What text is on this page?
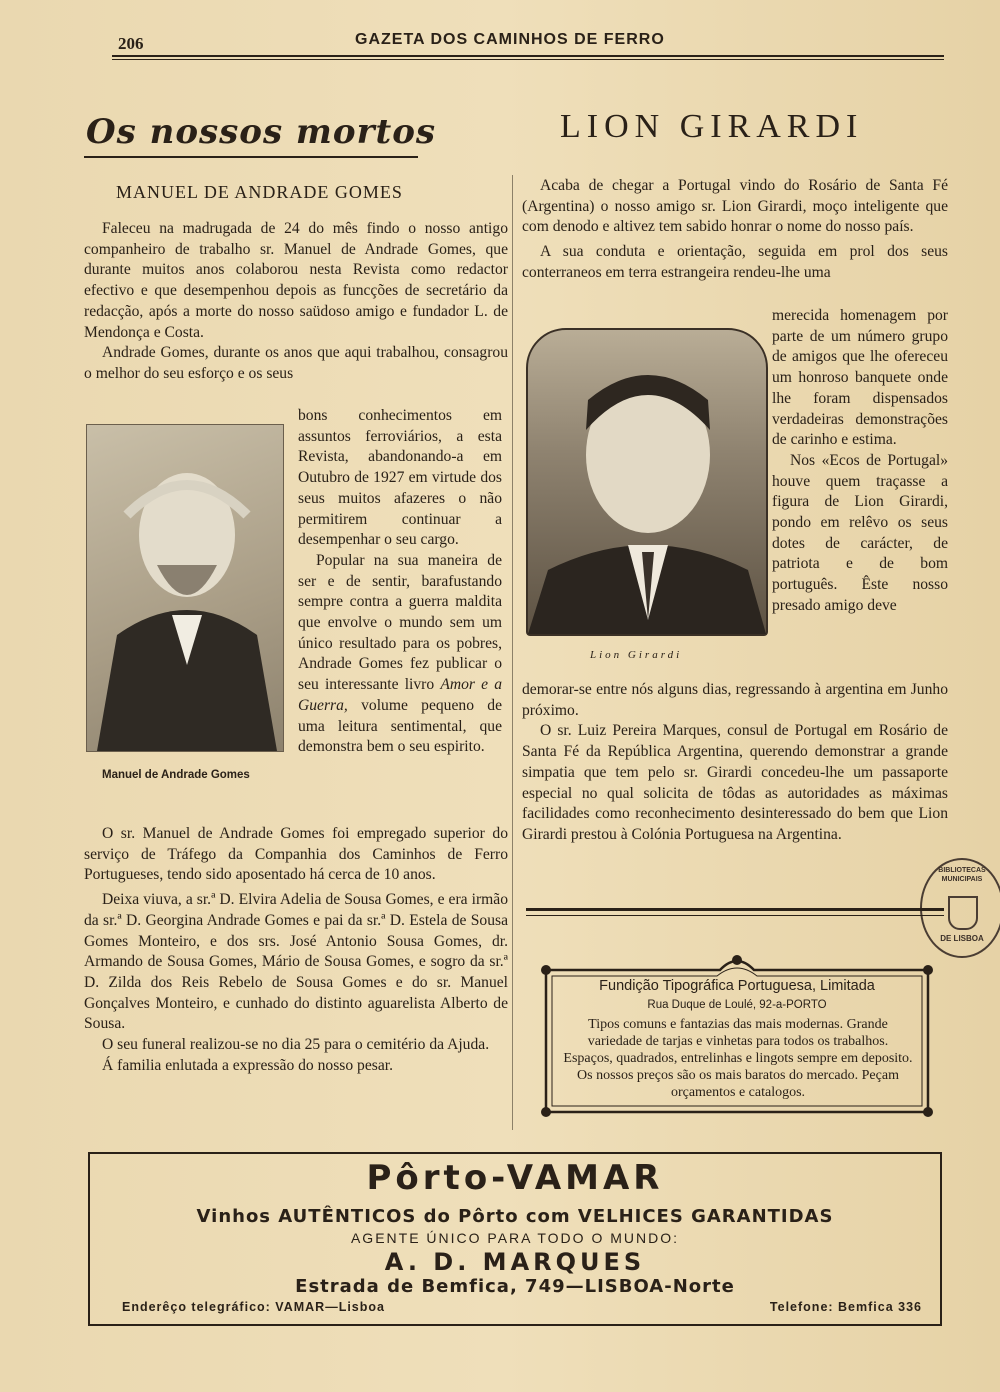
206	GAZETA DOS CAMINHOS DE FERRO
Os nossos mortos
MANUEL DE ANDRADE GOMES

Faleceu na madrugada de 24 do mês findo o nosso antigo companheiro de trabalho sr. Manuel de Andrade Gomes, que durante muitos anos colaborou nesta Revista como redactor efectivo e que desempenhou depois as funcções de secretário da redacção, após a morte do nosso saüdoso amigo e fundador L. de Mendonça e Costa.

Andrade Gomes, durante os anos que aqui trabalhou, consagrou o melhor do seu esforço e os seus

Manuel de Andrade Gomes

bons conhecimentos em assuntos ferroviários, a esta Revista, abandonando-a em Outubro de 1927 em virtude dos seus muitos afazeres o não permitirem continuar a desempenhar o seu cargo.

Popular na sua maneira de ser e de sentir, barafustando sempre contra a guerra maldita que envolve o mundo sem um único resultado para os pobres, Andrade Gomes fez publicar o seu interessante livro Amor e a Guerra, volume pequeno de uma leitura sentimental, que demonstra bem o seu espirito.

O sr. Manuel de Andrade Gomes foi empregado superior do serviço de Tráfego da Companhia dos Caminhos de Ferro Portugueses, tendo sido aposentado há cerca de 10 anos.

Deixa viuva, a sr.ª D. Elvira Adelia de Sousa Gomes, e era irmão da sr.ª D. Georgina Andrade Gomes e pai da sr.ª D. Estela de Sousa Gomes Monteiro, e dos srs. José Antonio Sousa Gomes, dr. Armando de Sousa Gomes, Mário de Sousa Gomes, e sogro da sr.ª D. Zilda dos Reis Rebelo de Sousa Gomes e do sr. Manuel Gonçalves Monteiro, e cunhado do distinto aguarelista Alberto de Sousa.

O seu funeral realizou-se no dia 25 para o cemitério da Ajuda.

Á familia enlutada a expressão do nosso pesar.

LION GIRARDI

Acaba de chegar a Portugal vindo do Rosário de Santa Fé (Argentina) o nosso amigo sr. Lion Girardi, moço inteligente que com denodo e altivez tem sabido honrar o nome do nosso país.

A sua conduta e orientação, seguida em prol dos seus conterraneos em terra estrangeira rendeu-lhe uma

Lion Girardi

merecida homenagem por parte de um número grupo de amigos que lhe ofereceu um honroso banquete onde lhe foram dispensados verdadeiras demonstrações de carinho e estima.

Nos «Ecos de Portugal» houve quem traçasse a figura de Lion Girardi, pondo em relêvo os seus dotes de carácter, de patriota e de bom português. Êste nosso presado amigo deve

demorar-se entre nós alguns dias, regressando à argentina em Junho próximo.

O sr. Luiz Pereira Marques, consul de Portugal em Rosário de Santa Fé da República Argentina, querendo demonstrar a grande simpatia que tem pelo sr. Girardi concedeu-lhe um passaporte especial no qual solicita de tôdas as autoridades as máximas facilidades como reconhecimento desinteressado do bem que Lion Girardi prestou à Colónia Portuguesa na Argentina.

BIBLIOTECAS MUNICIPAIS
DE LISBOA
Fundição Tipográfica Portuguesa, Limitada
Rua Duque de Loulé, 92-a-PORTO
Tipos comuns e fantazias das mais modernas. Grande variedade de tarjas e vinhetas para todos os trabalhos. Espaços, quadrados, entrelinhas e lingots sempre em deposito. Os nossos preços são os mais baratos do mercado. Peçam orçamentos e catalogos.
Pôrto-VAMAR
Vinhos AUTÊNTICOS do Pôrto com VELHICES GARANTIDAS
AGENTE ÚNICO PARA TODO O MUNDO:
A. D. MARQUES
Estrada de Bemfica, 749—LISBOA-Norte
Enderêço telegráfico: VAMAR—Lisboa	Telefone: Bemfica 336
